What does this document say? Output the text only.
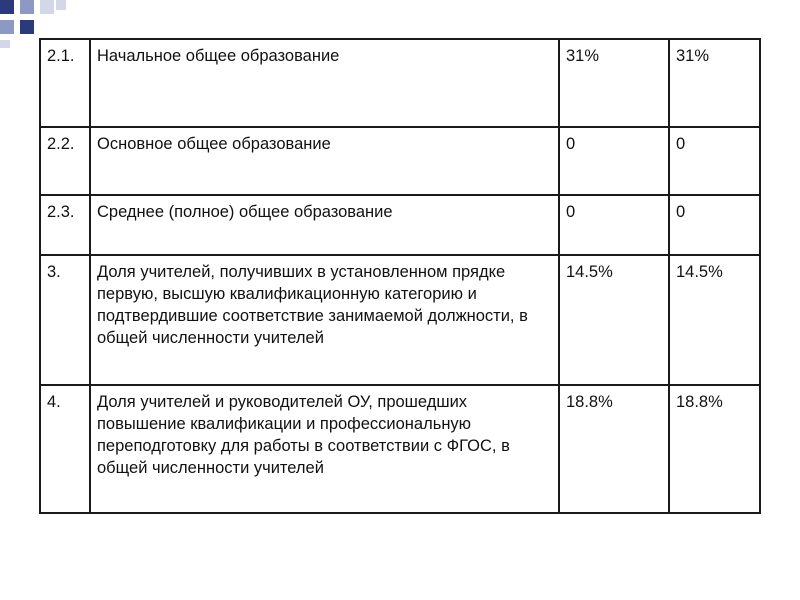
2.1.	Начальное общее образование	31%	31%
2.2.	Основное общее образование	0	0
2.3.	Среднее (полное) общее образование	0	0
3.	Доля учителей, получивших в установленном прядке первую, высшую квалификационную категорию и подтвердившие соответствие занимаемой должности, в общей численности учителей	14.5%	14.5%
4.	Доля учителей и руководителей ОУ, прошедших повышение квалификации и профессиональную переподготовку для работы в соответствии с ФГОС, в общей численности учителей	18.8%	18.8%
